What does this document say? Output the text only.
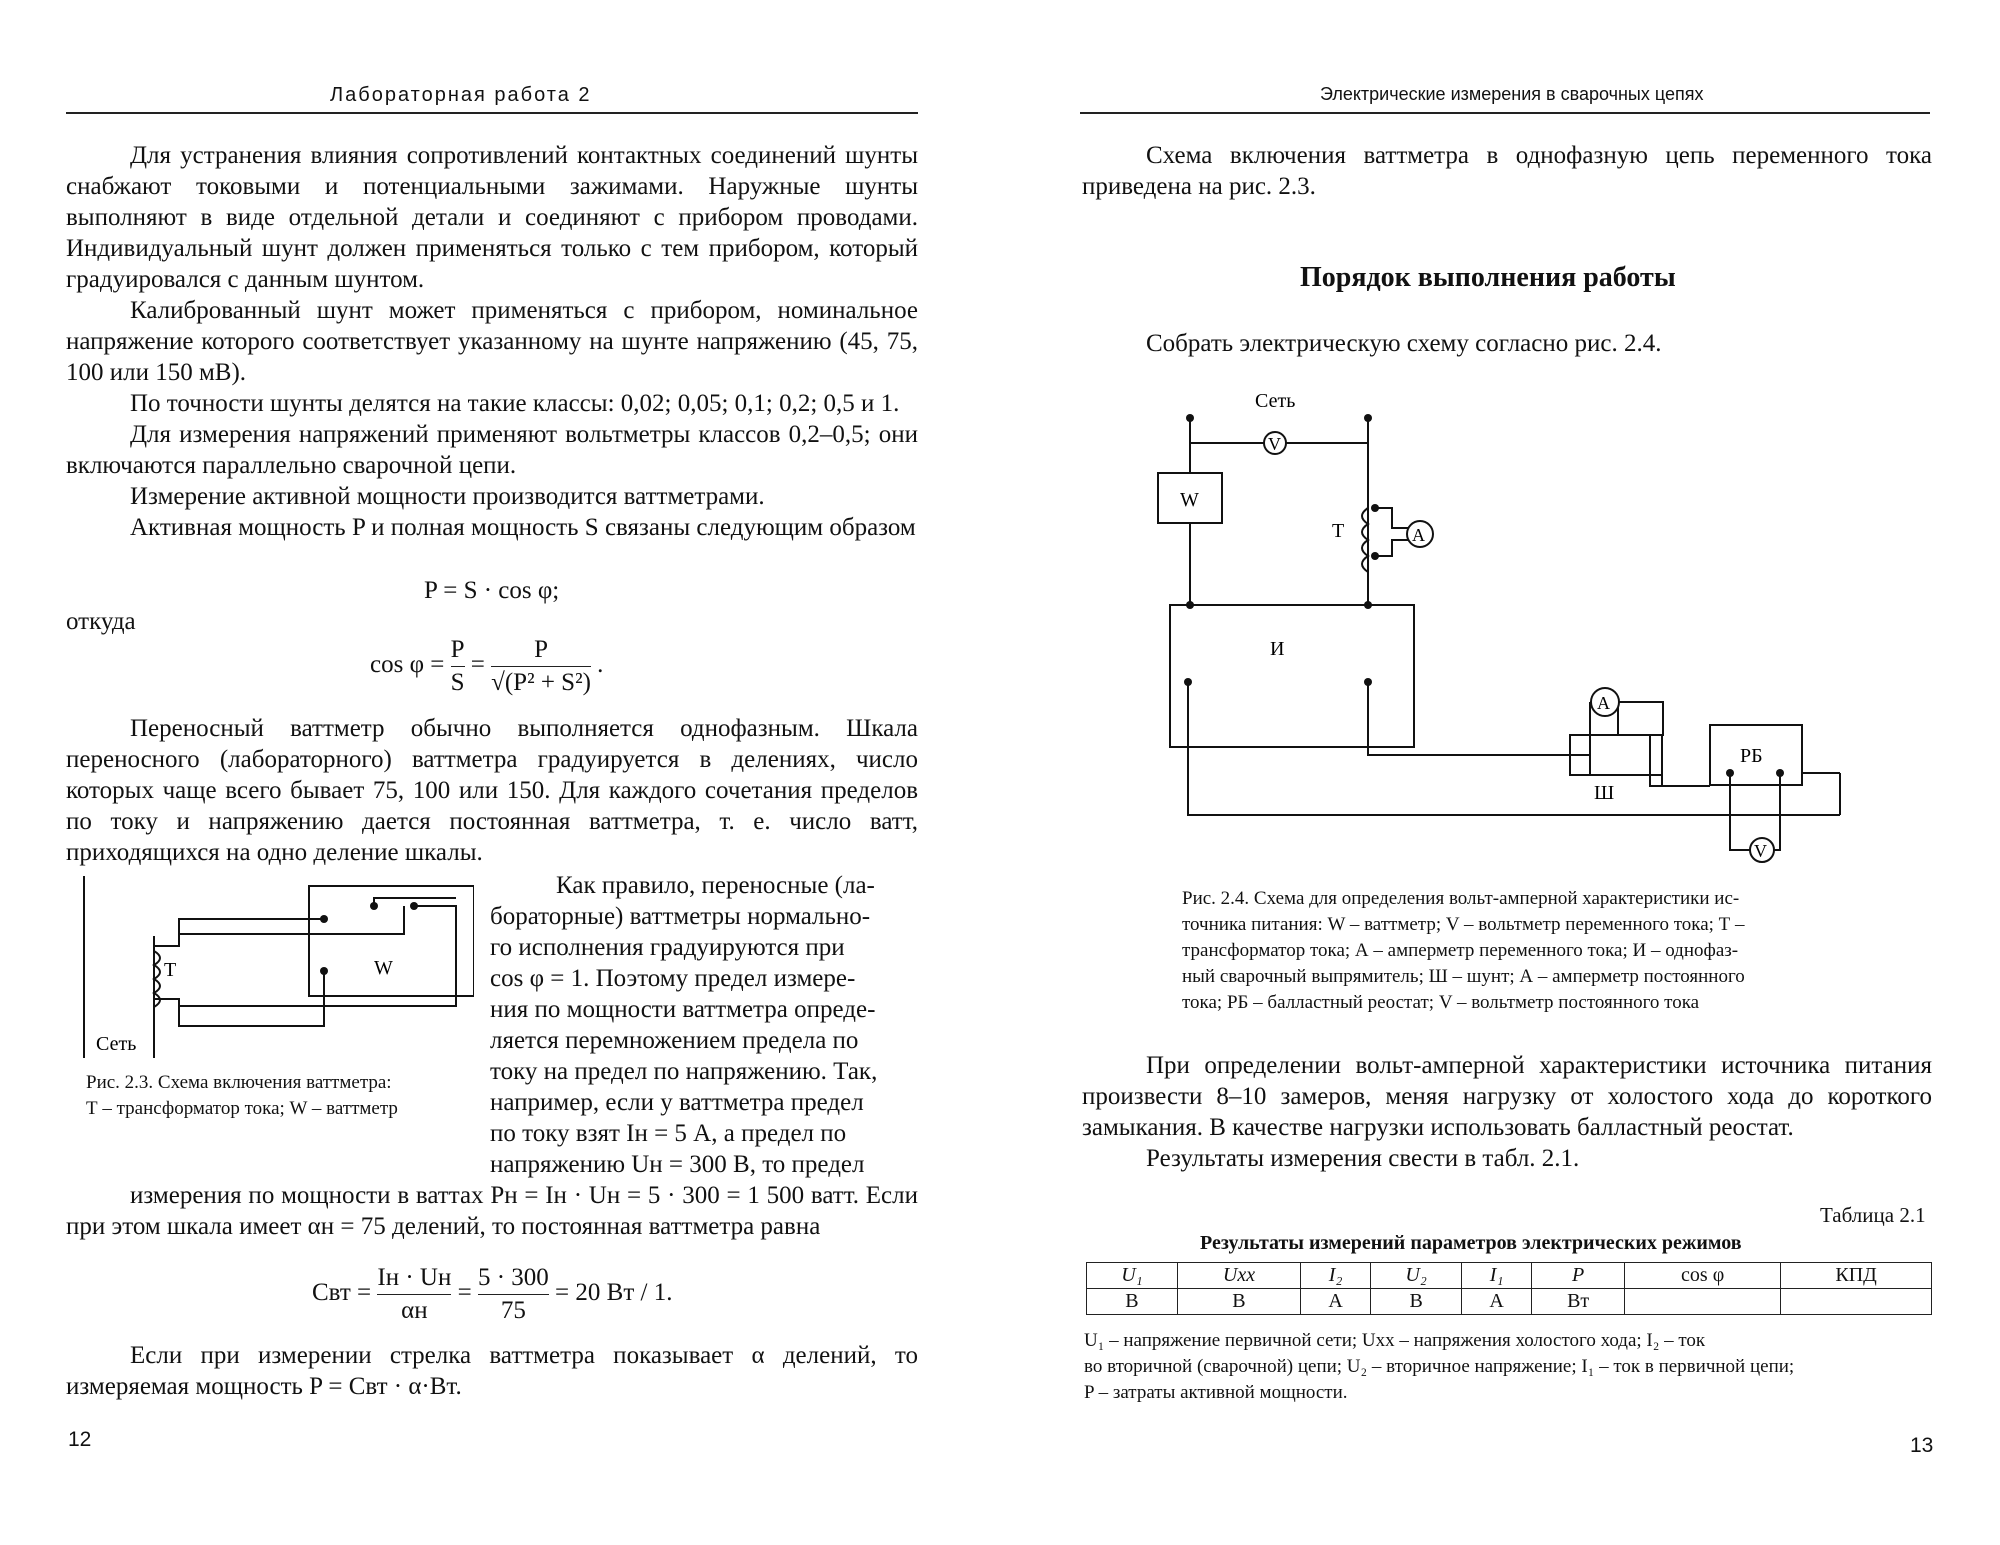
Лабораторная работа 2

Для устранения влияния сопротивлений контактных соединений шунты снабжают токовыми и потенциальными зажимами. Наружные шунты выполняют в виде отдельной детали и соединяют с прибором проводами. Индивидуальный шунт должен применяться только с тем прибором, который градуировался с данным шунтом.

Калиброванный шунт может применяться с прибором, номинальное напряжение которого соответствует указанному на шунте напряжению (45, 75, 100 или 150 мВ).

По точности шунты делятся на такие классы: 0,02; 0,05; 0,1; 0,2; 0,5 и 1.

Для измерения напряжений применяют вольтметры классов 0,2–0,5; они включаются параллельно сварочной цепи.

Измерение активной мощности производится ваттметрами.

Активная мощность P и полная мощность S связаны следующим образом

P = S · cos φ;
откуда
$\cos \varphi = \frac{P}{S} = \frac{P}{\text{√(P² + S²)}}$ .

Переносный ваттметр обычно выполняется однофазным. Шкала переносного (лабораторного) ваттметра градуируется в делениях, число которых чаще всего бывает 75, 100 или 150. Для каждого сочетания пределов по току и напряжению дается постоянная ваттметра, т. е. число ватт, приходящихся на одно деление шкалы.

T	W
Сеть
Рис. 2.3. Схема включения ваттметра:
Т – трансформатор тока; W – ваттметр
Как правило, переносные (ла-
бораторные) ваттметры нормально-
го исполнения градуируются при
cos φ = 1. Поэтому предел измере-
ния по мощности ваттметра опреде-
ляется перемножением предела по
току на предел по напряжению. Так,
например, если у ваттметра предел
по току взят Iн = 5 А, а предел по
напряжению Uн = 300 В, то предел

измерения по мощности в ваттах Pн = Iн · Uн = 5 · 300 = 1 500 ватт. Если при этом шкала имеет αн = 75 делений, то постоянная ваттметра равна

Cвт = $\frac{Iн \cdot Uн}{\alpha н} = \frac{5 \cdot 300}{75} = 20$ Вт / 1.

Если при измерении стрелка ваттметра показывает α делений, то измеряемая мощность P = Cвт · α·Вт.

12
Электрические измерения в сварочных цепях

Схема включения ваттметра в однофазную цепь переменного тока приведена на рис. 2.3.

Порядок выполнения работы
Собрать электрическую схему согласно рис. 2.4.
Сеть
V
W
T	A
И
A
Ш
РБ
V
Рис. 2.4. Схема для определения вольт-амперной характеристики ис-
точника питания: W – ваттметр; V – вольтметр переменного тока; Т –
трансформатор тока; А – амперметр переменного тока; И – однофаз-
ный сварочный выпрямитель; Ш – шунт; А – амперметр постоянного
тока; РБ – балластный реостат; V – вольтметр постоянного тока

При определении вольт-амперной характеристики источника питания произвести 8–10 замеров, меняя нагрузку от холостого хода до короткого замыкания. В качестве нагрузки использовать балластный реостат.

Результаты измерения свести в табл. 2.1.

Таблица 2.1
Результаты измерений параметров электрических режимов
U₁	Uхх	I₂	U₂	I₁	P	cos φ	КПД
В	В	А	В	А	Вт		
U₁ – напряжение первичной сети; Uхх – напряжения холостого хода; I₂ – ток
во вторичной (сварочной) цепи; U₂ – вторичное напряжение; I₁ – ток в первичной цепи;
P – затраты активной мощности.
13
